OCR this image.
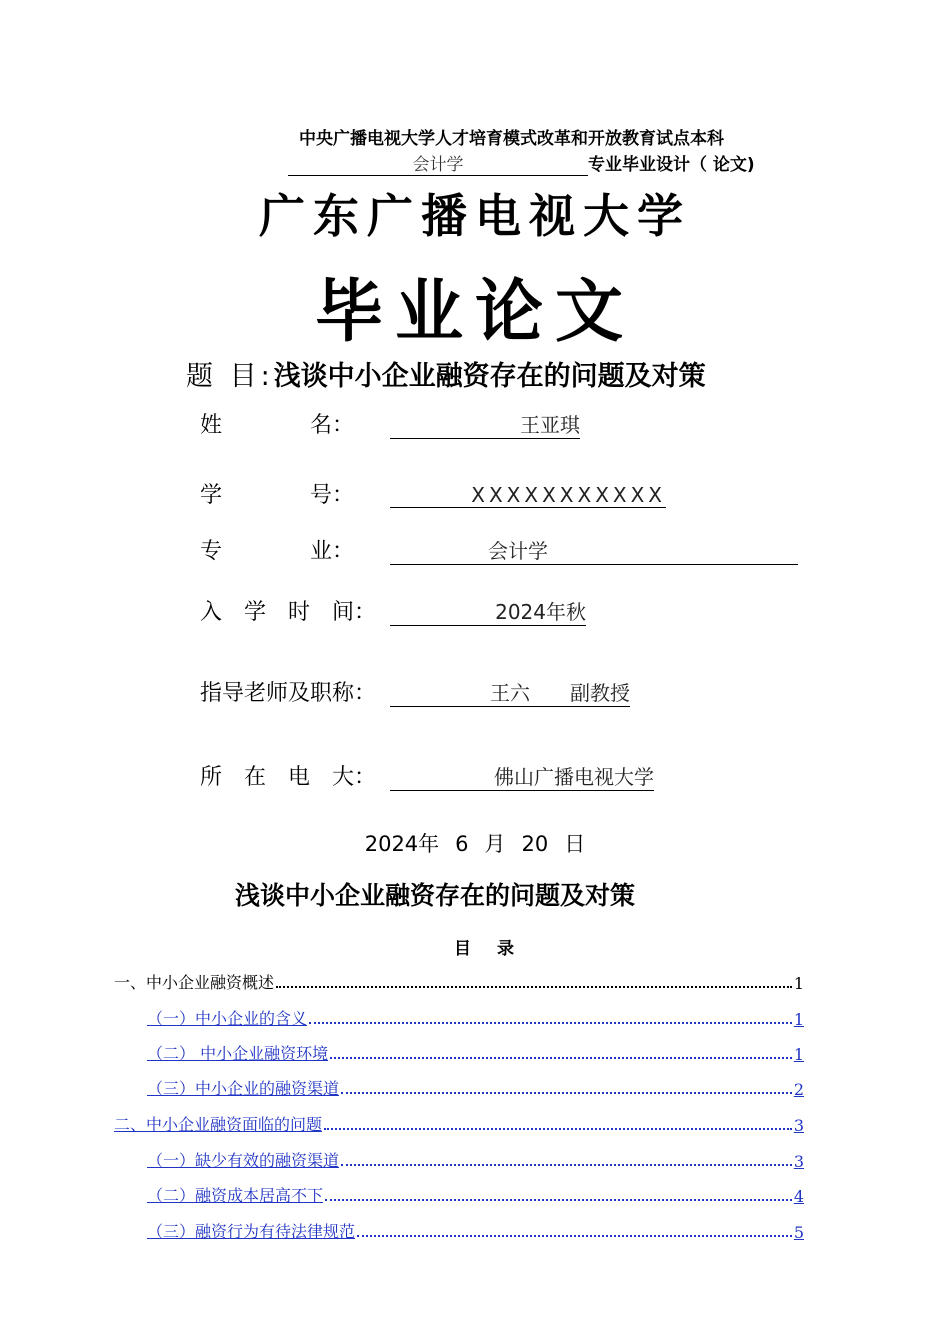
中央广播电视大学人才培育模式改革和开放教育试点本科
会计学	专业毕业设计（ 论文)
广东广播电视大学
毕业论文
题 目:浅谈中小企业融资存在的问题及对策
姓　　　　名：	王亚琪
学　　　　号：	XXXXXXXXXXX
专　　　　业：	会计学
入　学　时　间：	2024年秋
指导老师及职称：	王六　　副教授
所　在　电　大：	佛山广播电视大学
2024年 6 月 20 日
浅谈中小企业融资存在的问题及对策
目 录
一、中小企业融资概述	1
（一）中小企业的含义	1
（二） 中小企业融资环境	1
（三）中小企业的融资渠道	2
二、中小企业融资面临的问题	3
（一）缺少有效的融资渠道	3
（二）融资成本居高不下	4
（三）融资行为有待法律规范	5
